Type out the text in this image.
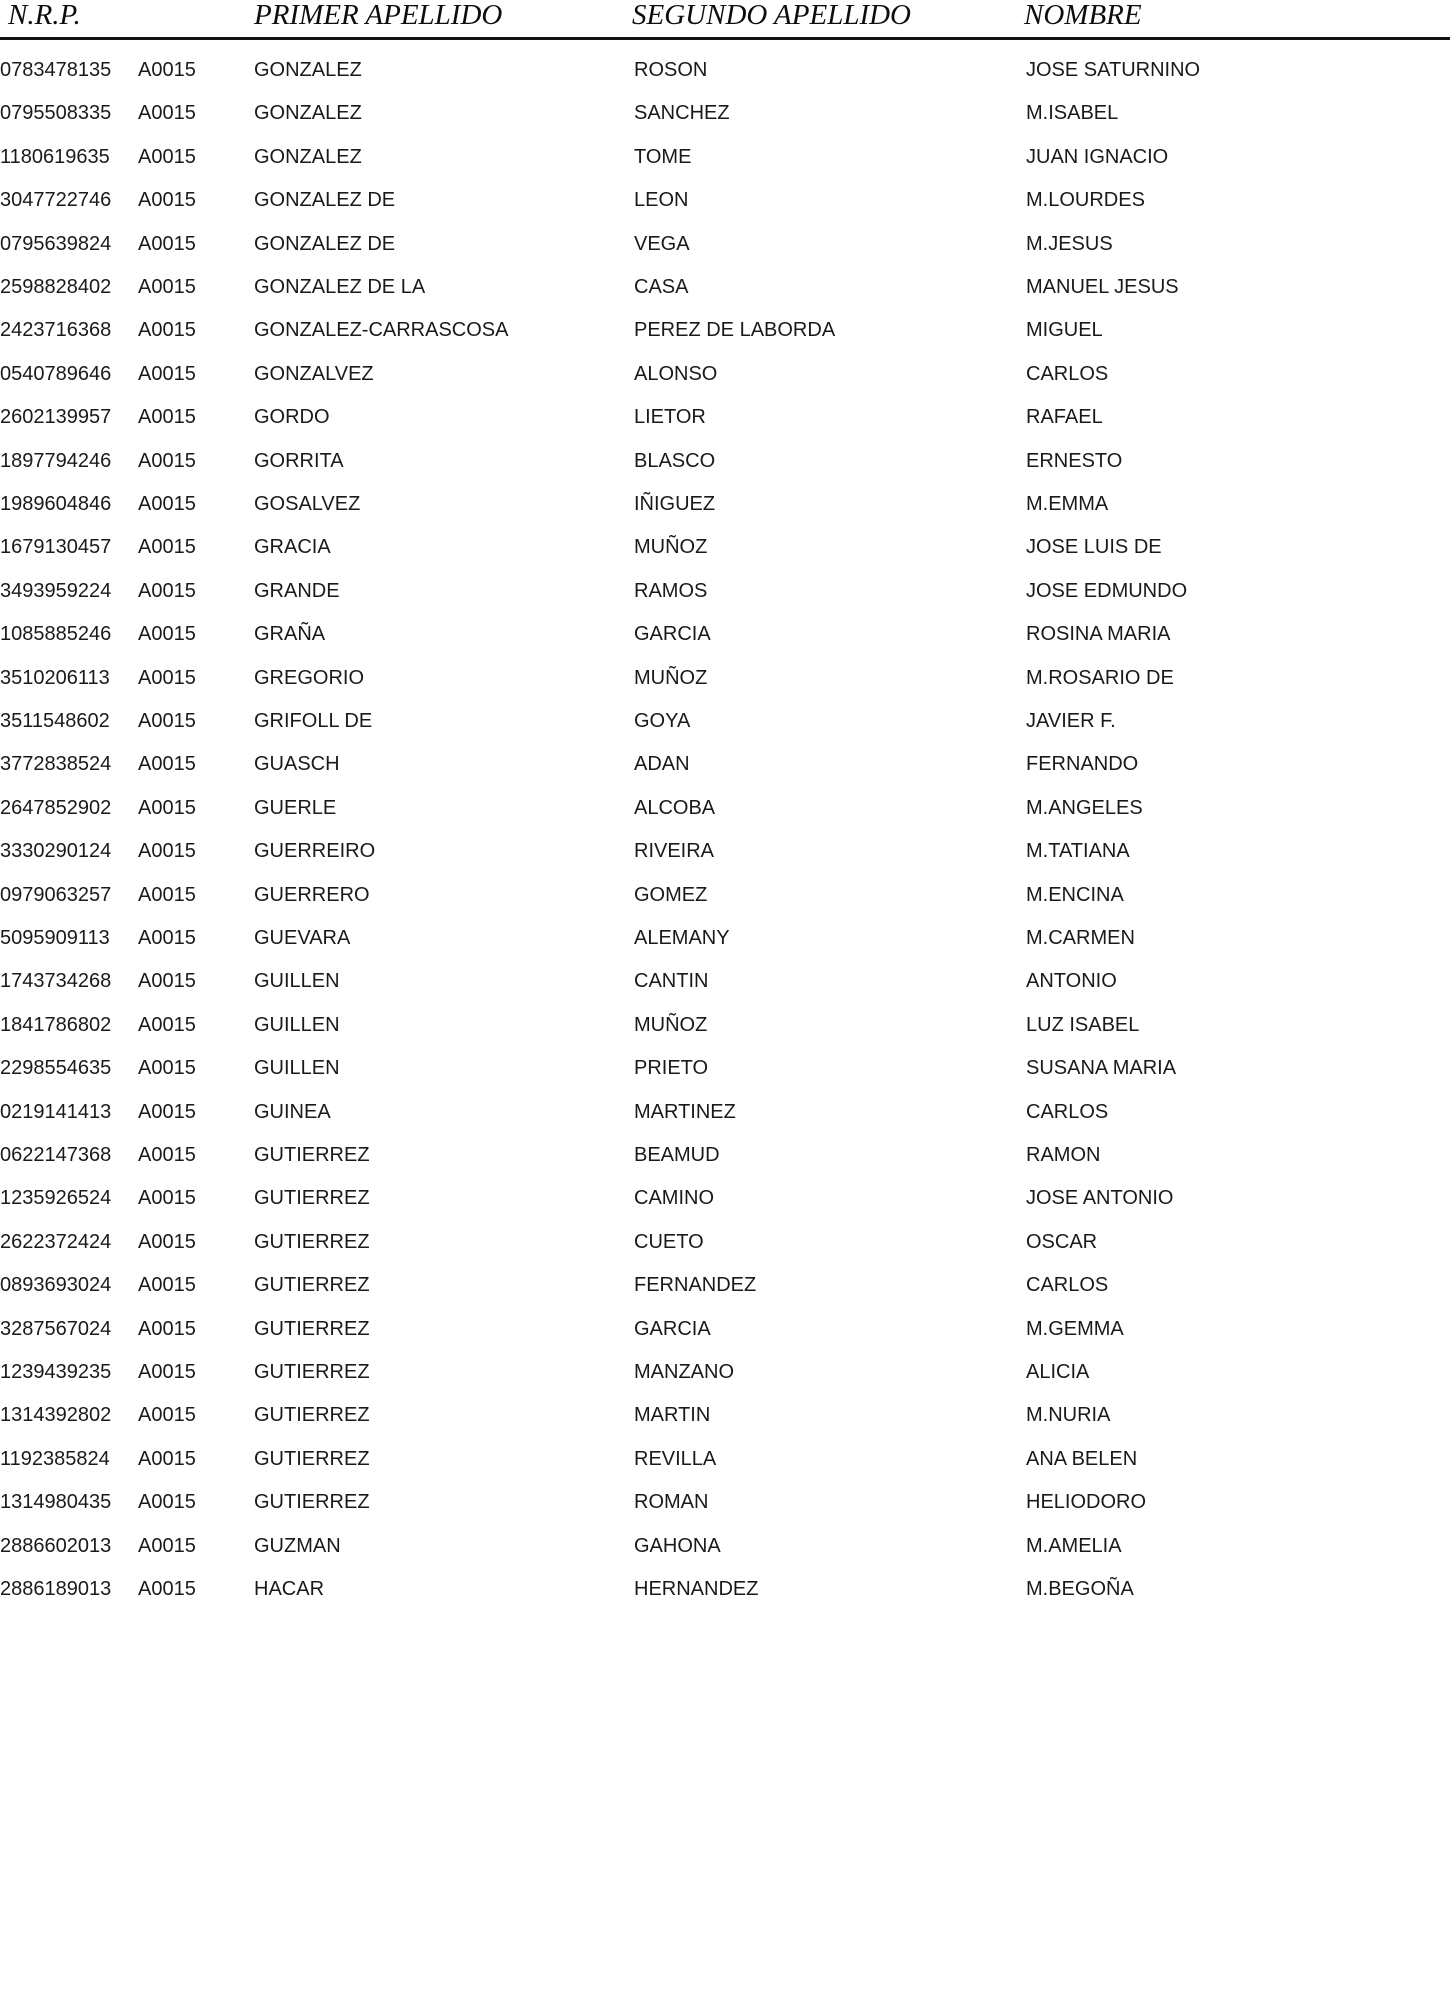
N.R.P.	PRIMER APELLIDO	SEGUNDO APELLIDO	NOMBRE
0783478135 A0015	GONZALEZ	ROSON	JOSE SATURNINO
0795508335 A0015	GONZALEZ	SANCHEZ	M.ISABEL
1180619635 A0015	GONZALEZ	TOME	JUAN IGNACIO
3047722746 A0015	GONZALEZ DE	LEON	M.LOURDES
0795639824 A0015	GONZALEZ DE	VEGA	M.JESUS
2598828402 A0015	GONZALEZ DE LA	CASA	MANUEL JESUS
2423716368 A0015	GONZALEZ-CARRASCOSA	PEREZ DE LABORDA	MIGUEL
0540789646 A0015	GONZALVEZ	ALONSO	CARLOS
2602139957 A0015	GORDO	LIETOR	RAFAEL
1897794246 A0015	GORRITA	BLASCO	ERNESTO
1989604846 A0015	GOSALVEZ	IÑIGUEZ	M.EMMA
1679130457 A0015	GRACIA	MUÑOZ	JOSE LUIS DE
3493959224 A0015	GRANDE	RAMOS	JOSE EDMUNDO
1085885246 A0015	GRAÑA	GARCIA	ROSINA MARIA
3510206113 A0015	GREGORIO	MUÑOZ	M.ROSARIO DE
3511548602 A0015	GRIFOLL DE	GOYA	JAVIER F.
3772838524 A0015	GUASCH	ADAN	FERNANDO
2647852902 A0015	GUERLE	ALCOBA	M.ANGELES
3330290124 A0015	GUERREIRO	RIVEIRA	M.TATIANA
0979063257 A0015	GUERRERO	GOMEZ	M.ENCINA
5095909113 A0015	GUEVARA	ALEMANY	M.CARMEN
1743734268 A0015	GUILLEN	CANTIN	ANTONIO
1841786802 A0015	GUILLEN	MUÑOZ	LUZ ISABEL
2298554635 A0015	GUILLEN	PRIETO	SUSANA MARIA
0219141413 A0015	GUINEA	MARTINEZ	CARLOS
0622147368 A0015	GUTIERREZ	BEAMUD	RAMON
1235926524 A0015	GUTIERREZ	CAMINO	JOSE ANTONIO
2622372424 A0015	GUTIERREZ	CUETO	OSCAR
0893693024 A0015	GUTIERREZ	FERNANDEZ	CARLOS
3287567024 A0015	GUTIERREZ	GARCIA	M.GEMMA
1239439235 A0015	GUTIERREZ	MANZANO	ALICIA
1314392802 A0015	GUTIERREZ	MARTIN	M.NURIA
1192385824 A0015	GUTIERREZ	REVILLA	ANA BELEN
1314980435 A0015	GUTIERREZ	ROMAN	HELIODORO
2886602013 A0015	GUZMAN	GAHONA	M.AMELIA
2886189013 A0015	HACAR	HERNANDEZ	M.BEGOÑA
